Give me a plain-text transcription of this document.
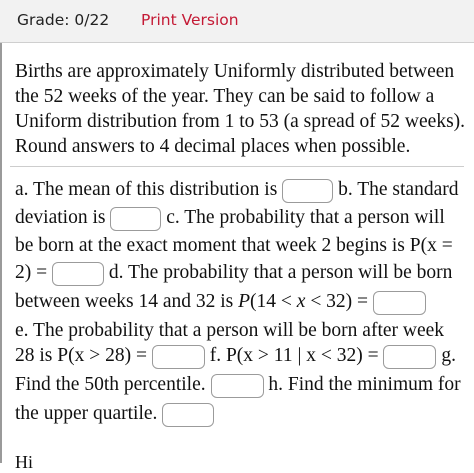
Grade: 0/22 Print Version
Births are approximately Uniformly distributed between
the 52 weeks of the year. They can be said to follow a
Uniform distribution from 1 to 53 (a spread of 52 weeks).
Round answers to 4 decimal places when possible.
a. The mean of this distribution is	b. The standard
deviation is	c. The probability that a person will
be born at the exact moment that week 2 begins is P(x =
2) =	d. The probability that a person will be born
between weeks 14 and 32 is P(14 < x < 32) =
e. The probability that a person will be born after week
28 is P(x > 28) =	f. P(x > 11 | x < 32) =	g.
Find the 50th percentile.	h. Find the minimum for
the upper quartile.
Hi
